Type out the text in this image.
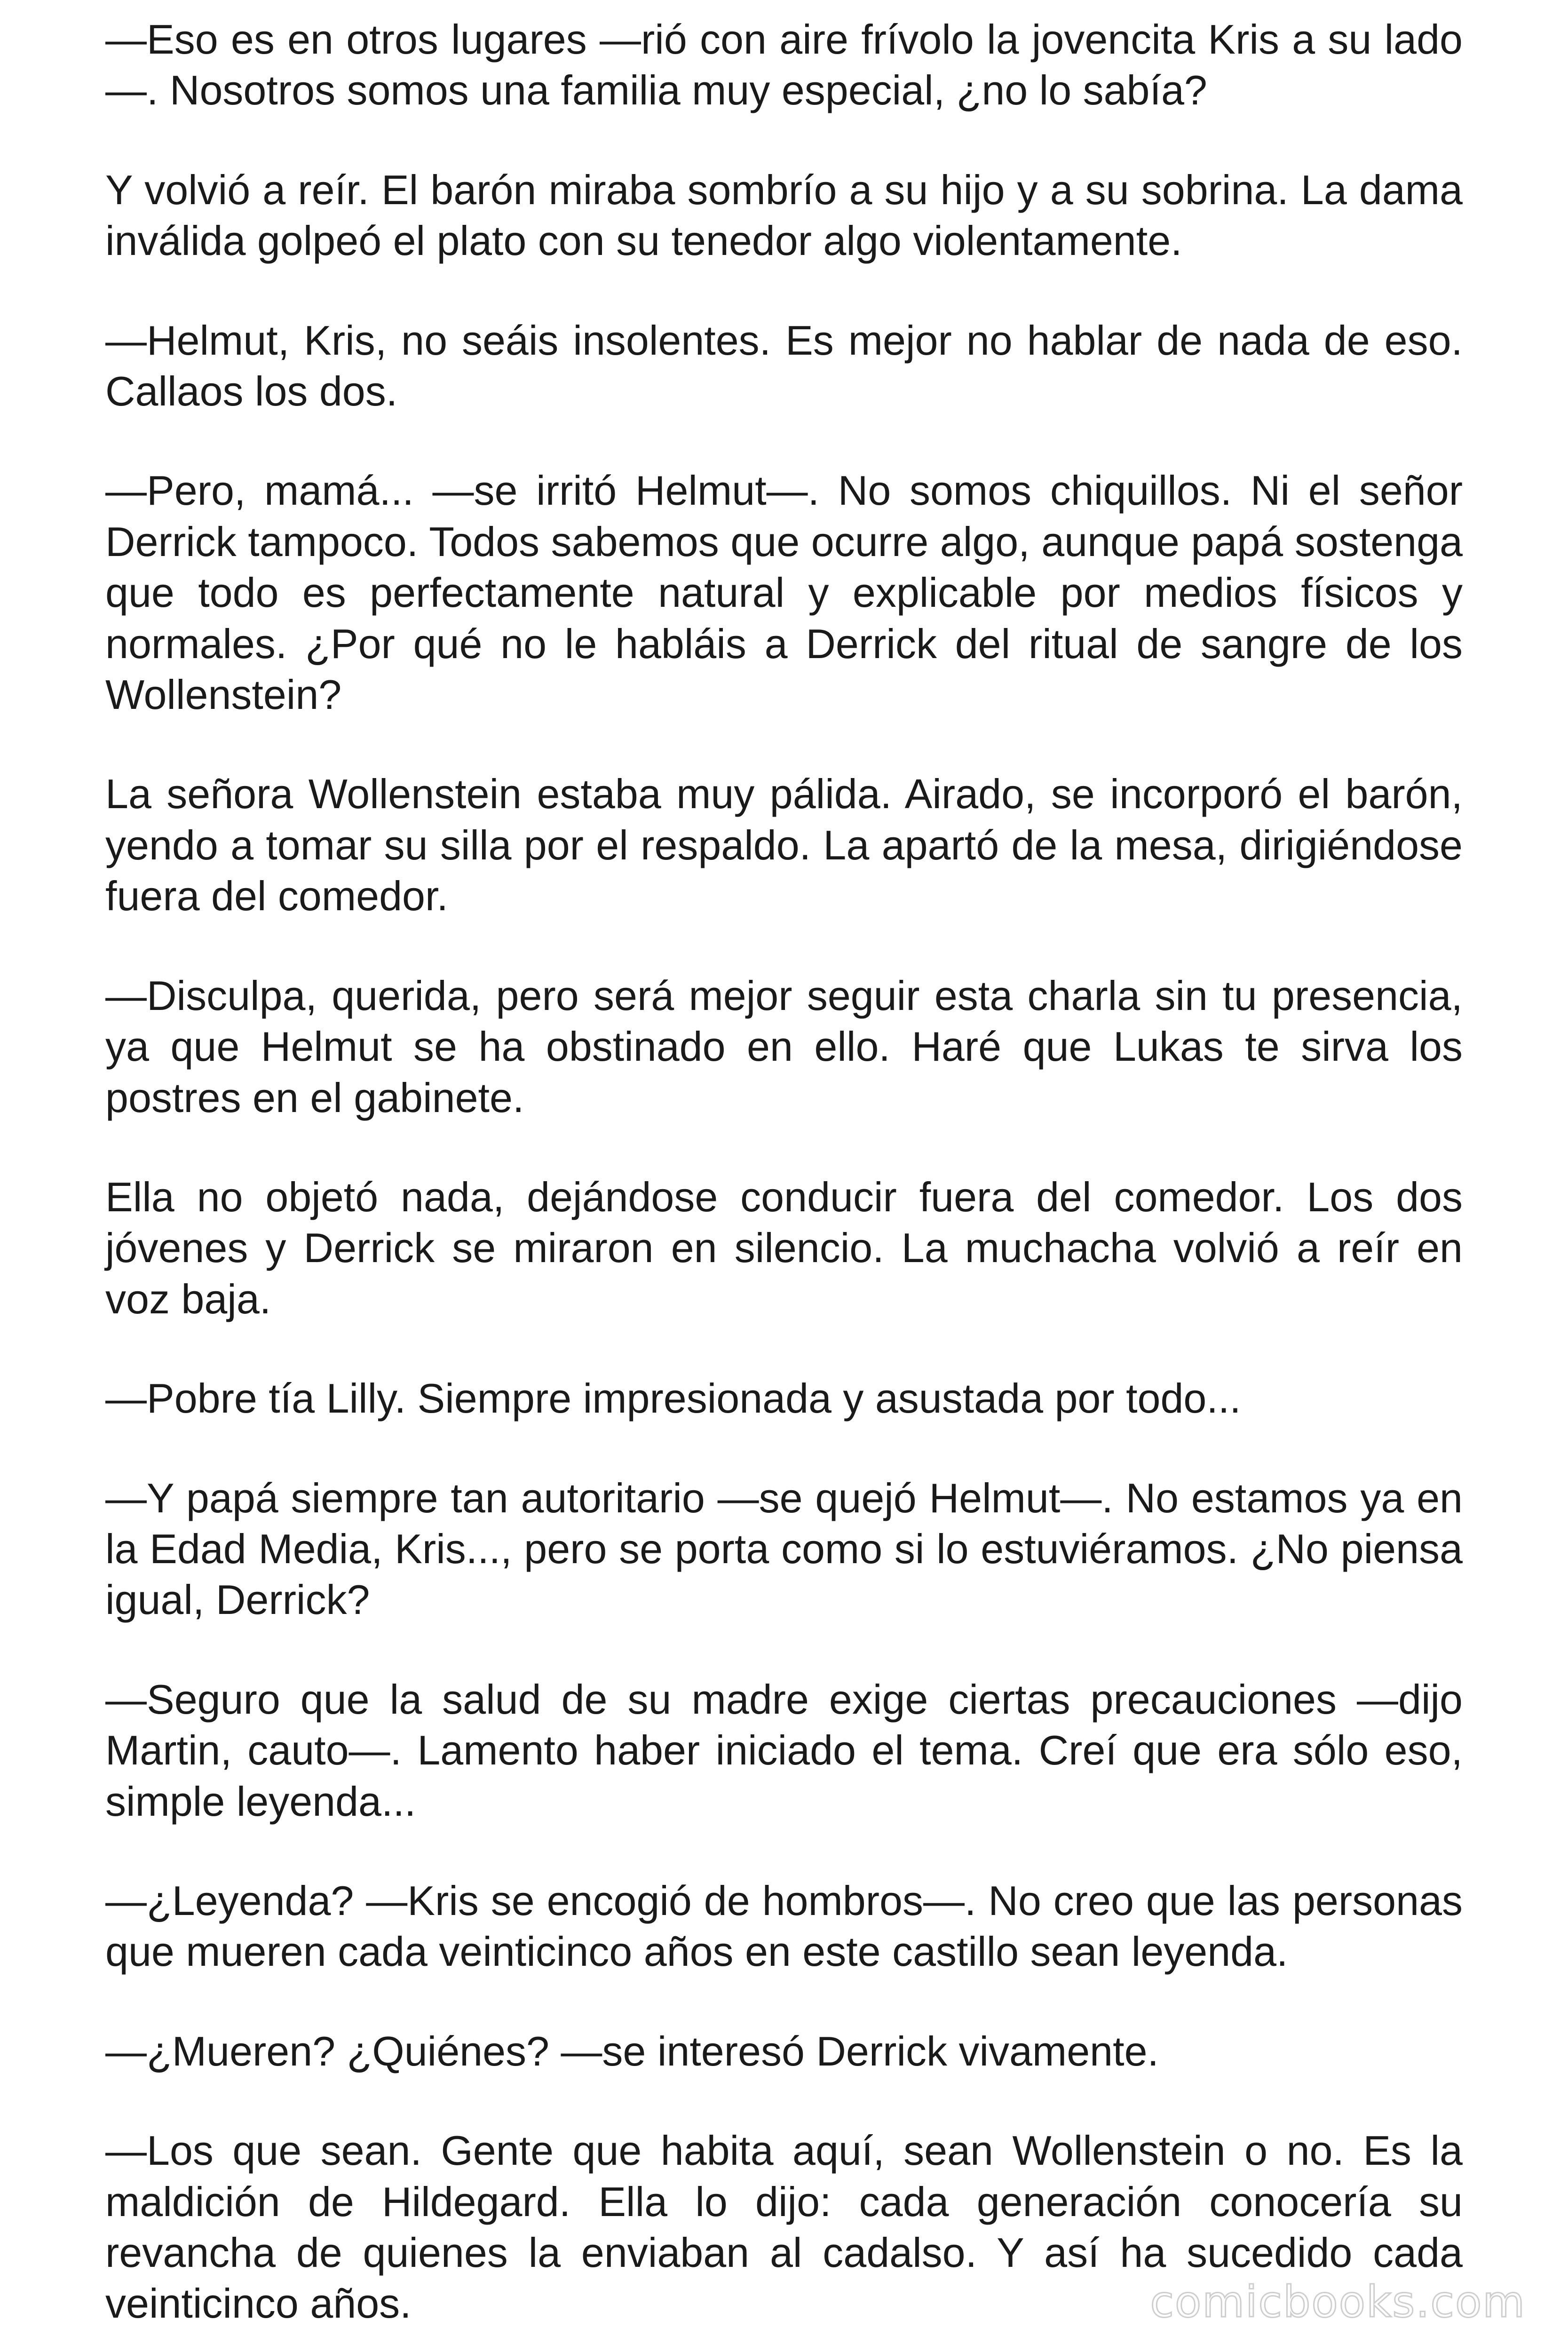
—Eso es en otros lugares —rió con aire frívolo la jovencita Kris a su lado—. Nosotros somos una familia muy especial, ¿no lo sabía?

Y volvió a reír. El barón miraba sombrío a su hijo y a su sobrina. La dama inválida golpeó el plato con su tenedor algo violentamente.

—Helmut, Kris, no seáis insolentes. Es mejor no hablar de nada de eso. Callaos los dos.

—Pero, mamá... —se irritó Helmut—. No somos chiquillos. Ni el señor Derrick tampoco. Todos sabemos que ocurre algo, aunque papá sostenga que todo es perfectamente natural y explicable por medios físicos y normales. ¿Por qué no le habláis a Derrick del ritual de sangre de los Wollenstein?

La señora Wollenstein estaba muy pálida. Airado, se incorporó el barón, yendo a tomar su silla por el respaldo. La apartó de la mesa, dirigiéndose fuera del comedor.

—Disculpa, querida, pero será mejor seguir esta charla sin tu presencia, ya que Helmut se ha obstinado en ello. Haré que Lukas te sirva los postres en el gabinete.

Ella no objetó nada, dejándose conducir fuera del comedor. Los dos jóvenes y Derrick se miraron en silencio. La muchacha volvió a reír en voz baja.

—Pobre tía Lilly. Siempre impresionada y asustada por todo...

—Y papá siempre tan autoritario —se quejó Helmut—. No estamos ya en la Edad Media, Kris..., pero se porta como si lo estuviéramos. ¿No piensa igual, Derrick?

—Seguro que la salud de su madre exige ciertas precauciones —dijo Martin, cauto—. Lamento haber iniciado el tema. Creí que era sólo eso, simple leyenda...

—¿Leyenda? —Kris se encogió de hombros—. No creo que las personas que mueren cada veinticinco años en este castillo sean leyenda.

—¿Mueren? ¿Quiénes? —se interesó Derrick vivamente.

—Los que sean. Gente que habita aquí, sean Wollenstein o no. Es la maldición de Hildegard. Ella lo dijo: cada generación conocería su revancha de quienes la enviaban al cadalso. Y así ha sucedido cada veinticinco años.	comicbooks.com
